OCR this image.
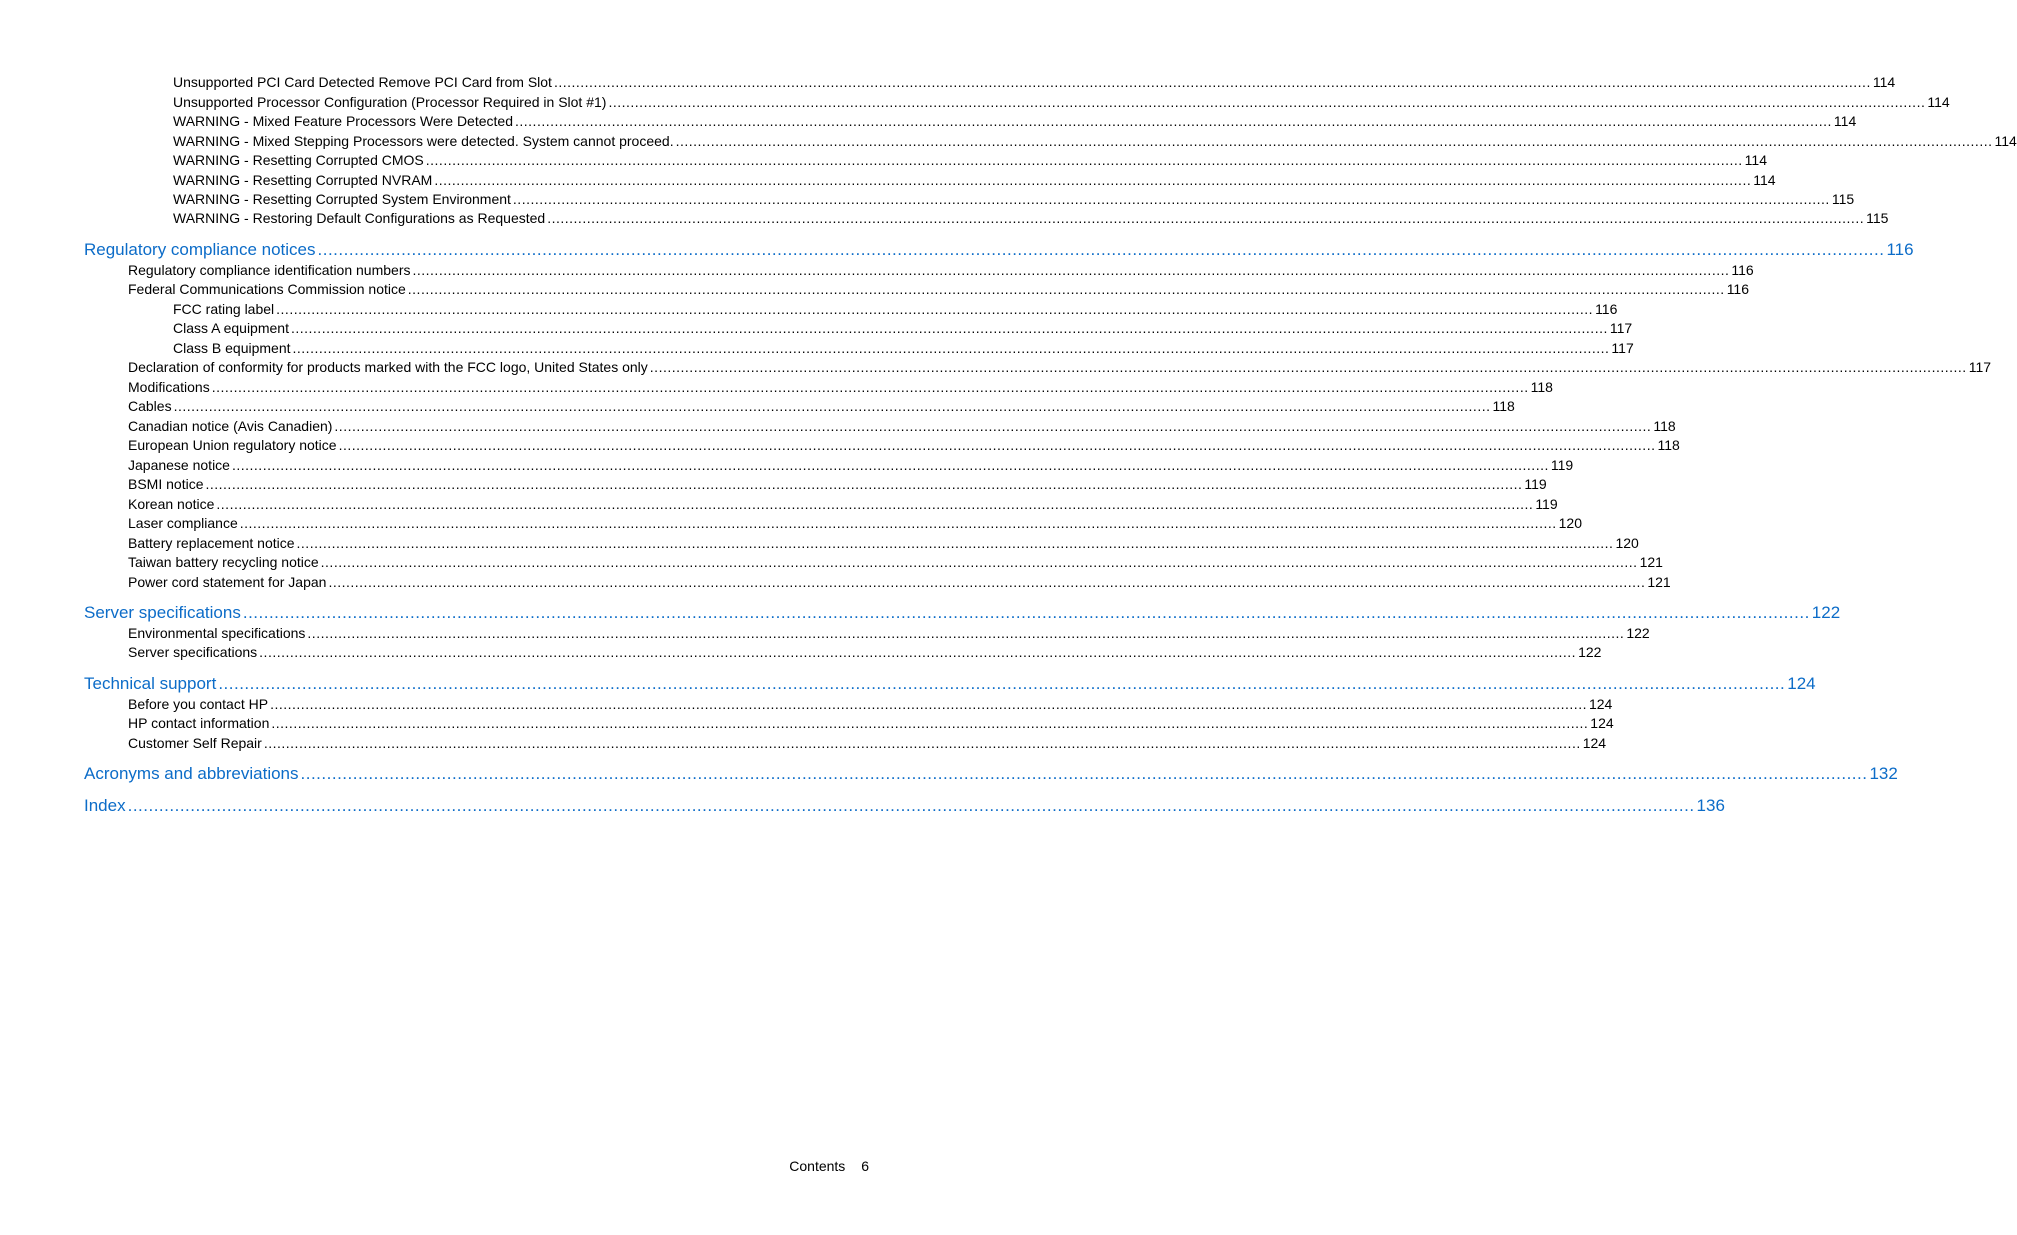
Unsupported PCI Card Detected Remove PCI Card from Slot ............................................................................................................................................................................................................................................................................................................ 114
Unsupported Processor Configuration (Processor Required in Slot #1) ............................................................................................................................................................................................................................................................................................................ 114
WARNING - Mixed Feature Processors Were Detected ............................................................................................................................................................................................................................................................................................................ 114
WARNING - Mixed Stepping Processors were detected. System cannot proceed. ............................................................................................................................................................................................................................................................................................................ 114
WARNING - Resetting Corrupted CMOS ............................................................................................................................................................................................................................................................................................................ 114
WARNING - Resetting Corrupted NVRAM ............................................................................................................................................................................................................................................................................................................ 114
WARNING - Resetting Corrupted System Environment ............................................................................................................................................................................................................................................................................................................ 115
WARNING - Restoring Default Configurations as Requested ............................................................................................................................................................................................................................................................................................................ 115
Regulatory compliance notices ............................................................................................................................................................................................................................................................................................................ 116
Regulatory compliance identification numbers ............................................................................................................................................................................................................................................................................................................ 116
Federal Communications Commission notice ............................................................................................................................................................................................................................................................................................................ 116
FCC rating label ............................................................................................................................................................................................................................................................................................................ 116
Class A equipment ............................................................................................................................................................................................................................................................................................................ 117
Class B equipment ............................................................................................................................................................................................................................................................................................................ 117
Declaration of conformity for products marked with the FCC logo, United States only ............................................................................................................................................................................................................................................................................................................ 117
Modifications ............................................................................................................................................................................................................................................................................................................ 118
Cables ............................................................................................................................................................................................................................................................................................................ 118
Canadian notice (Avis Canadien) ............................................................................................................................................................................................................................................................................................................ 118
European Union regulatory notice ............................................................................................................................................................................................................................................................................................................ 118
Japanese notice ............................................................................................................................................................................................................................................................................................................ 119
BSMI notice ............................................................................................................................................................................................................................................................................................................ 119
Korean notice ............................................................................................................................................................................................................................................................................................................ 119
Laser compliance ............................................................................................................................................................................................................................................................................................................ 120
Battery replacement notice ............................................................................................................................................................................................................................................................................................................ 120
Taiwan battery recycling notice ............................................................................................................................................................................................................................................................................................................ 121
Power cord statement for Japan ............................................................................................................................................................................................................................................................................................................ 121
Server specifications ............................................................................................................................................................................................................................................................................................................ 122
Environmental specifications ............................................................................................................................................................................................................................................................................................................ 122
Server specifications ............................................................................................................................................................................................................................................................................................................ 122
Technical support ............................................................................................................................................................................................................................................................................................................ 124
Before you contact HP ............................................................................................................................................................................................................................................................................................................ 124
HP contact information ............................................................................................................................................................................................................................................................................................................ 124
Customer Self Repair ............................................................................................................................................................................................................................................................................................................ 124
Acronyms and abbreviations ............................................................................................................................................................................................................................................................................................................ 132
Index ............................................................................................................................................................................................................................................................................................................ 136
Contents 6
